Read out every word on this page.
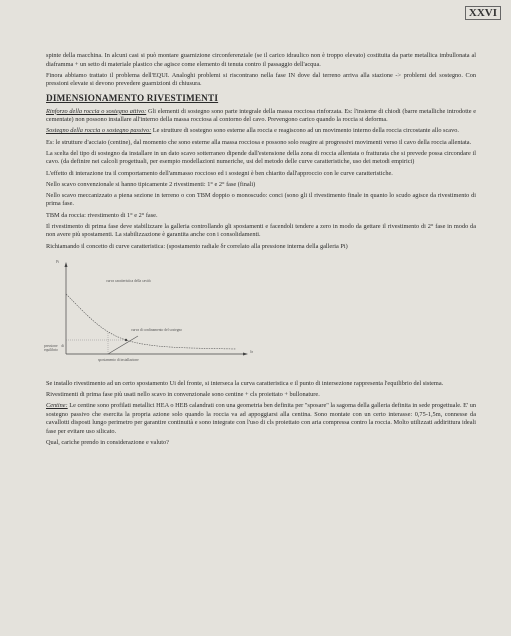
XXVI

spinte della macchina. In alcuni casi si può montare guarnizione circonferenziale (se il carico idraulico non è troppo elevato) costituita da parte metallica imbullonata al diaframma + un setto di materiale plastico che agisce come elemento di tenuta contro il passaggio dell'acqua.

Finora abbiamo trattato il problema dell'EQUI. Analoghi problemi si riscontrano nella fase IN dove dal terreno arriva alla stazione -> problemi del sostegno. Con pressioni elevate si devono prevedere guarnizioni di chiusura.

DIMENSIONAMENTO RIVESTIMENTI

Rinforzo della roccia o sostegno attivo: Gli elementi di sostegno sono parte integrale della massa rocciosa rinforzata. Es: l'insieme di chiodi (barre metalliche introdotte e cementate) non possono installare all'interno della massa rocciosa al contorno del cavo. Prevengono carico quando la roccia si deforma.

Sostegno della roccia o sostegno passivo: Le strutture di sostegno sono esterne alla roccia e reagiscono ad un movimento interno della roccia circostante allo scavo.

Es: le strutture d'acciaio (centine), dal momento che sono esterne alla massa rocciosa e possono solo reagire ai progressivi movimenti verso il cavo della roccia allentata.

La scelta del tipo di sostegno da installare in un dato scavo sotterraneo dipende dall'estensione della zona di roccia allentata o fratturata che si prevede possa circondare il cavo. (da definire nei calcoli progettuali, per esempio modellazioni numeriche, usi del metodo delle curve caratteristiche, uso dei metodi empirici)

L'effetto di interazione tra il comportamento dell'ammasso roccioso ed i sostegni è ben chiarito dall'approccio con le curve caratteristiche.

Nello scavo convenzionale si hanno tipicamente 2 rivestimenti: 1° e 2° fase (finali)

Nello scavo meccanizzato a piena sezione in terreno o con TBM doppio o monoscudo: conci (sono gli il rivestimento finale in quanto lo scudo agisce da rivestimento di prima fase.

TBM da roccia: rivestimento di 1° e 2° fase.

Il rivestimento di prima fase deve stabilizzare la galleria controllando gli spostamenti e facendoli tendere a zero in modo da gettare il rivestimento di 2° fase in modo da non avere più spostamenti. La stabilizzazione è garantita anche con i consolidamenti.

Richiamando il concetto di curve caratteristica: (spostamento radiale δr correlato alla pressione interna della galleria Pi)

Pi
δr
curva caratteristica della cavità
curva di confinamento del sostegno
pressione di equilibrio
spostamento di installazione

Se installo rivestimento ad un certo spostamento Ui del fronte, si interseca la curva caratteristica e il punto di intersezione rappresenta l'equilibrio del sistema.

Rivestimenti di prima fase più usati nello scavo in convenzionale sono centine + cls proiettato + bullonature.

Centine: Le centine sono profilati metallici HEA o HEB calandrati con una geometria ben definita per "sposare" la sagoma della galleria definita in sede progettuale. E' un sostegno passivo che esercita la propria azione solo quando la roccia va ad appoggiarsi alla centina. Sono montate con un certo interasse: 0,75-1,5m, connesse da cavallotti disposti lungo perimetro per garantire continuità e sono integrate con l'uso di cls proiettato con aria compressa contro la roccia. Molto utilizzati addirittura ideali fase per evitare uso silicato.

Qual, cariche prendo in considerazione e valuto?
